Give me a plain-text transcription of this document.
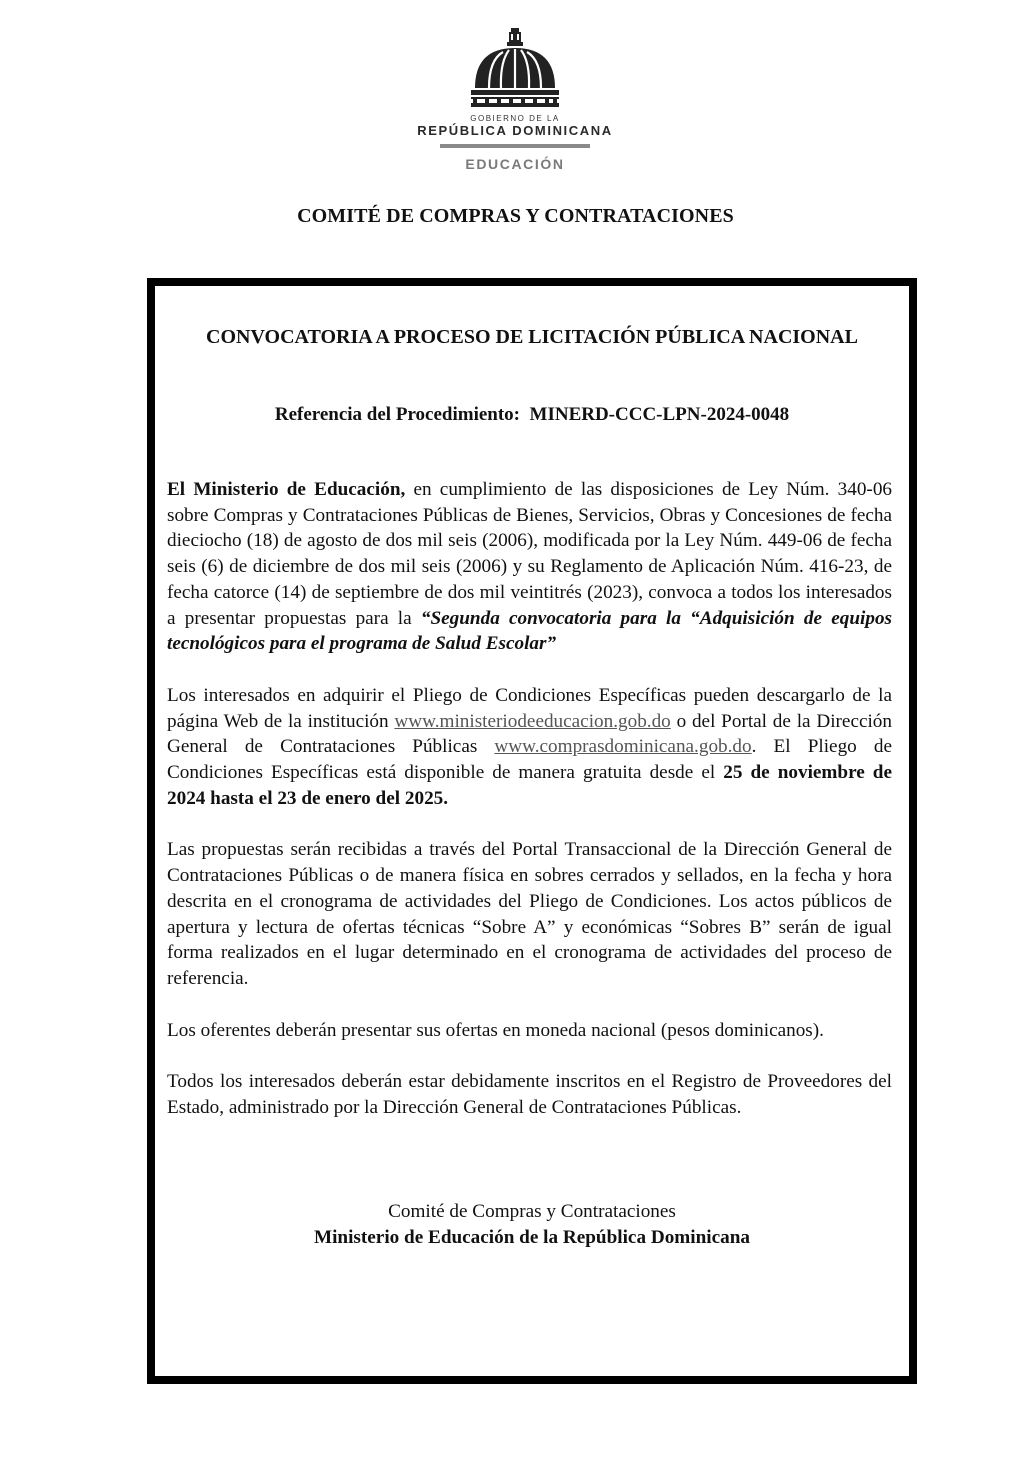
GOBIERNO DE LA
REPÚBLICA DOMINICANA
EDUCACIÓN
COMITÉ DE COMPRAS Y CONTRATACIONES
CONVOCATORIA A PROCESO DE LICITACIÓN PÚBLICA NACIONAL
Referencia del Procedimiento: MINERD-CCC-LPN-2024-0048

El Ministerio de Educación, en cumplimiento de las disposiciones de Ley Núm. 340-06 sobre Compras y Contrataciones Públicas de Bienes, Servicios, Obras y Concesiones de fecha dieciocho (18) de agosto de dos mil seis (2006), modificada por la Ley Núm. 449-06 de fecha seis (6) de diciembre de dos mil seis (2006) y su Reglamento de Aplicación Núm. 416-23, de fecha catorce (14) de septiembre de dos mil veintitrés (2023), convoca a todos los interesados a presentar propuestas para la “Segunda convocatoria para la “Adquisición de equipos tecnológicos para el programa de Salud Escolar”

Los interesados en adquirir el Pliego de Condiciones Específicas pueden descargarlo de la página Web de la institución www.ministeriodeeducacion.gob.do o del Portal de la Dirección General de Contrataciones Públicas www.comprasdominicana.gob.do. El Pliego de Condiciones Específicas está disponible de manera gratuita desde el 25 de noviembre de 2024 hasta el 23 de enero del 2025.

Las propuestas serán recibidas a través del Portal Transaccional de la Dirección General de Contrataciones Públicas o de manera física en sobres cerrados y sellados, en la fecha y hora descrita en el cronograma de actividades del Pliego de Condiciones. Los actos públicos de apertura y lectura de ofertas técnicas “Sobre A” y económicas “Sobres B” serán de igual forma realizados en el lugar determinado en el cronograma de actividades del proceso de referencia.

Los oferentes deberán presentar sus ofertas en moneda nacional (pesos dominicanos).

Todos los interesados deberán estar debidamente inscritos en el Registro de Proveedores del Estado, administrado por la Dirección General de Contrataciones Públicas.

Comité de Compras y Contrataciones
Ministerio de Educación de la República Dominicana
